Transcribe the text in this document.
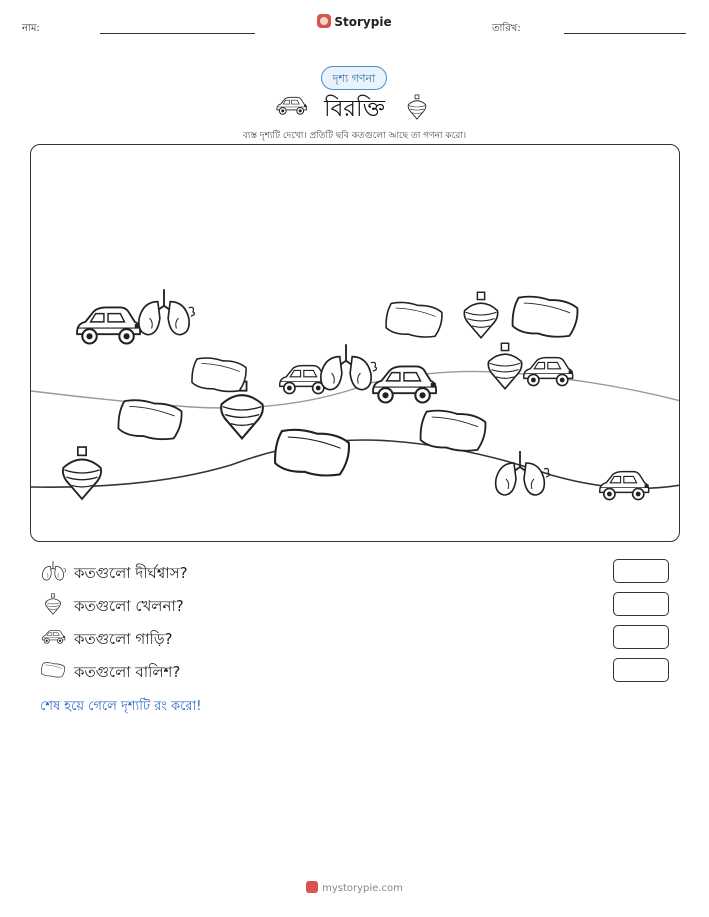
নাম:	Storypie	তারিখ:
দৃশ্য গণনা
বিরক্তি
ব্যস্ত দৃশ্যটি দেখো। প্রতিটি ছবি কতগুলো আছে তা গণনা করো।
কতগুলো দীর্ঘশ্বাস?
কতগুলো খেলনা?
কতগুলো গাড়ি?
কতগুলো বালিশ?
শেষ হয়ে গেলে দৃশ্যটি রং করো!
mystorypie.com
